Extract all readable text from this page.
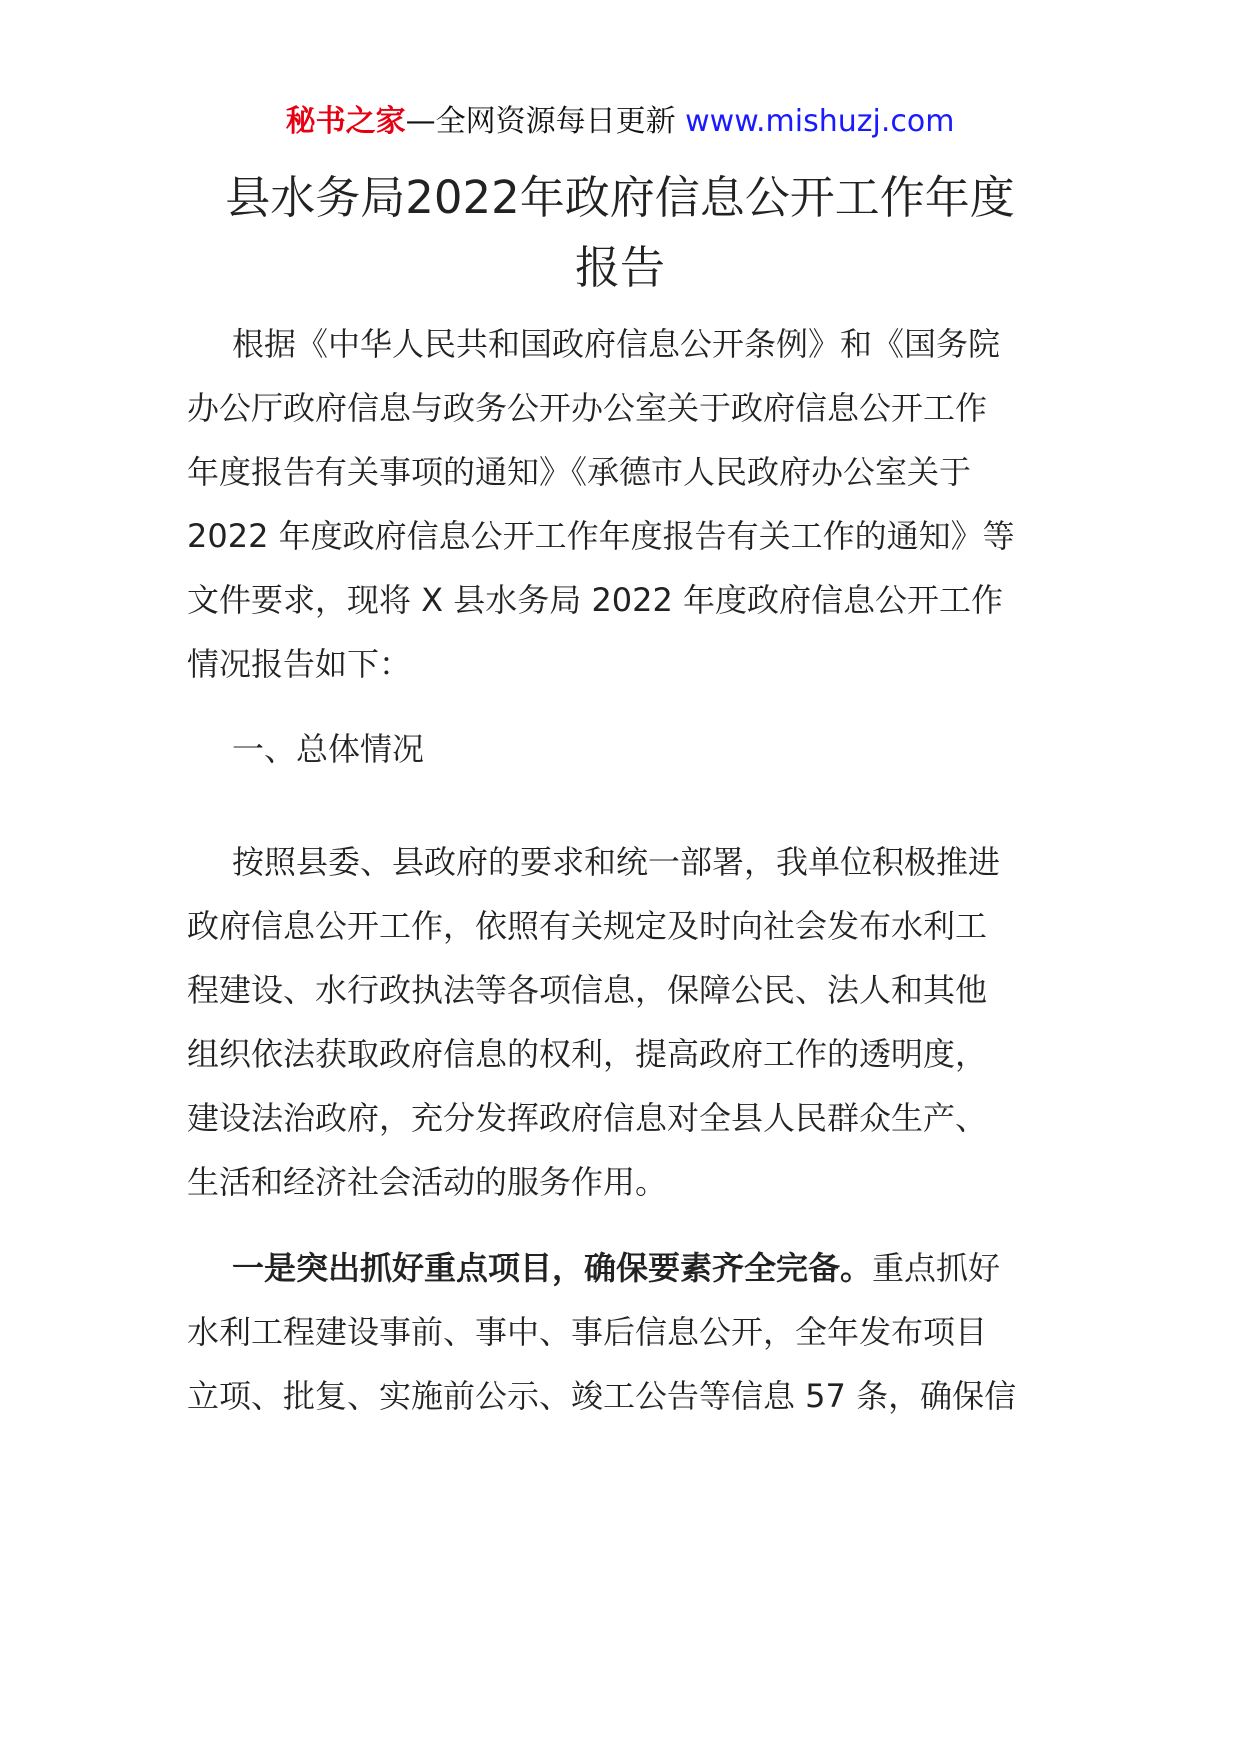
秘书之家—全网资源每日更新 www.mishuzj.com
县水务局2022年政府信息公开工作年度
报告
根据《中华人民共和国政府信息公开条例》和《国务院
办公厅政府信息与政务公开办公室关于政府信息公开工作
年度报告有关事项的通知》《承德市人民政府办公室关于
2022 年度政府信息公开工作年度报告有关工作的通知》等
文件要求，现将 X 县水务局 2022 年度政府信息公开工作
情况报告如下：
一、总体情况
按照县委、县政府的要求和统一部署，我单位积极推进
政府信息公开工作，依照有关规定及时向社会发布水利工
程建设、水行政执法等各项信息，保障公民、法人和其他
组织依法获取政府信息的权利，提高政府工作的透明度，
建设法治政府，充分发挥政府信息对全县人民群众生产、
生活和经济社会活动的服务作用。
一是突出抓好重点项目，确保要素齐全完备。重点抓好
水利工程建设事前、事中、事后信息公开，全年发布项目
立项、批复、实施前公示、竣工公告等信息 57 条，确保信
